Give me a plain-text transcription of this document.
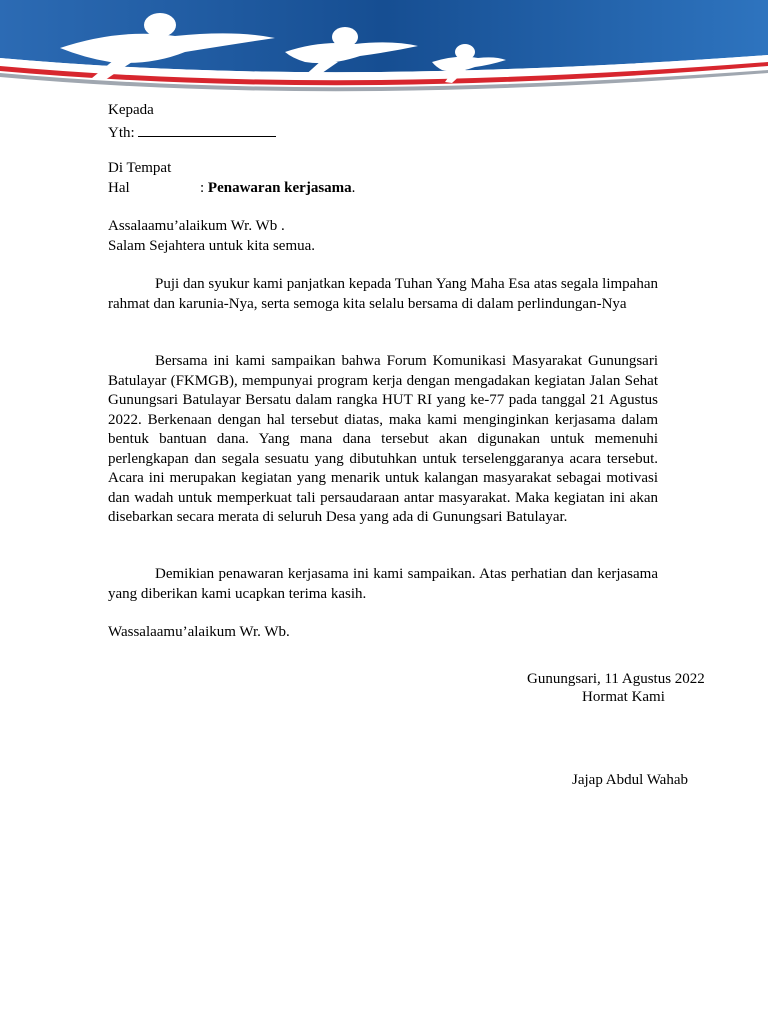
Kepada
Yth:
Di Tempat
Hal	: Penawaran kerjasama.
Assalaamu’alaikum Wr. Wb .
Salam Sejahtera untuk kita semua.

Puji dan syukur kami panjatkan kepada Tuhan Yang Maha Esa atas segala limpahan rahmat dan karunia-Nya, serta semoga kita selalu bersama di dalam perlindungan-Nya

Bersama ini kami sampaikan bahwa Forum Komunikasi Masyarakat Gunungsari Batulayar (FKMGB), mempunyai program kerja dengan mengadakan kegiatan Jalan Sehat Gunungsari Batulayar Bersatu dalam rangka HUT RI yang ke-77 pada tanggal 21 Agustus 2022. Berkenaan dengan hal tersebut diatas, maka kami menginginkan kerjasama dalam bentuk bantuan dana. Yang mana dana tersebut akan digunakan untuk memenuhi perlengkapan dan segala sesuatu yang dibutuhkan untuk terselenggaranya acara tersebut. Acara ini merupakan kegiatan yang menarik untuk kalangan masyarakat sebagai motivasi dan wadah untuk memperkuat tali persaudaraan antar masyarakat. Maka kegiatan ini akan disebarkan secara merata di seluruh Desa yang ada di Gunungsari Batulayar.

Demikian penawaran kerjasama ini kami sampaikan. Atas perhatian dan kerjasama yang diberikan kami ucapkan terima kasih.

Wassalaamu’alaikum Wr. Wb.
Gunungsari, 11 Agustus 2022
Hormat Kami
Jajap Abdul Wahab
